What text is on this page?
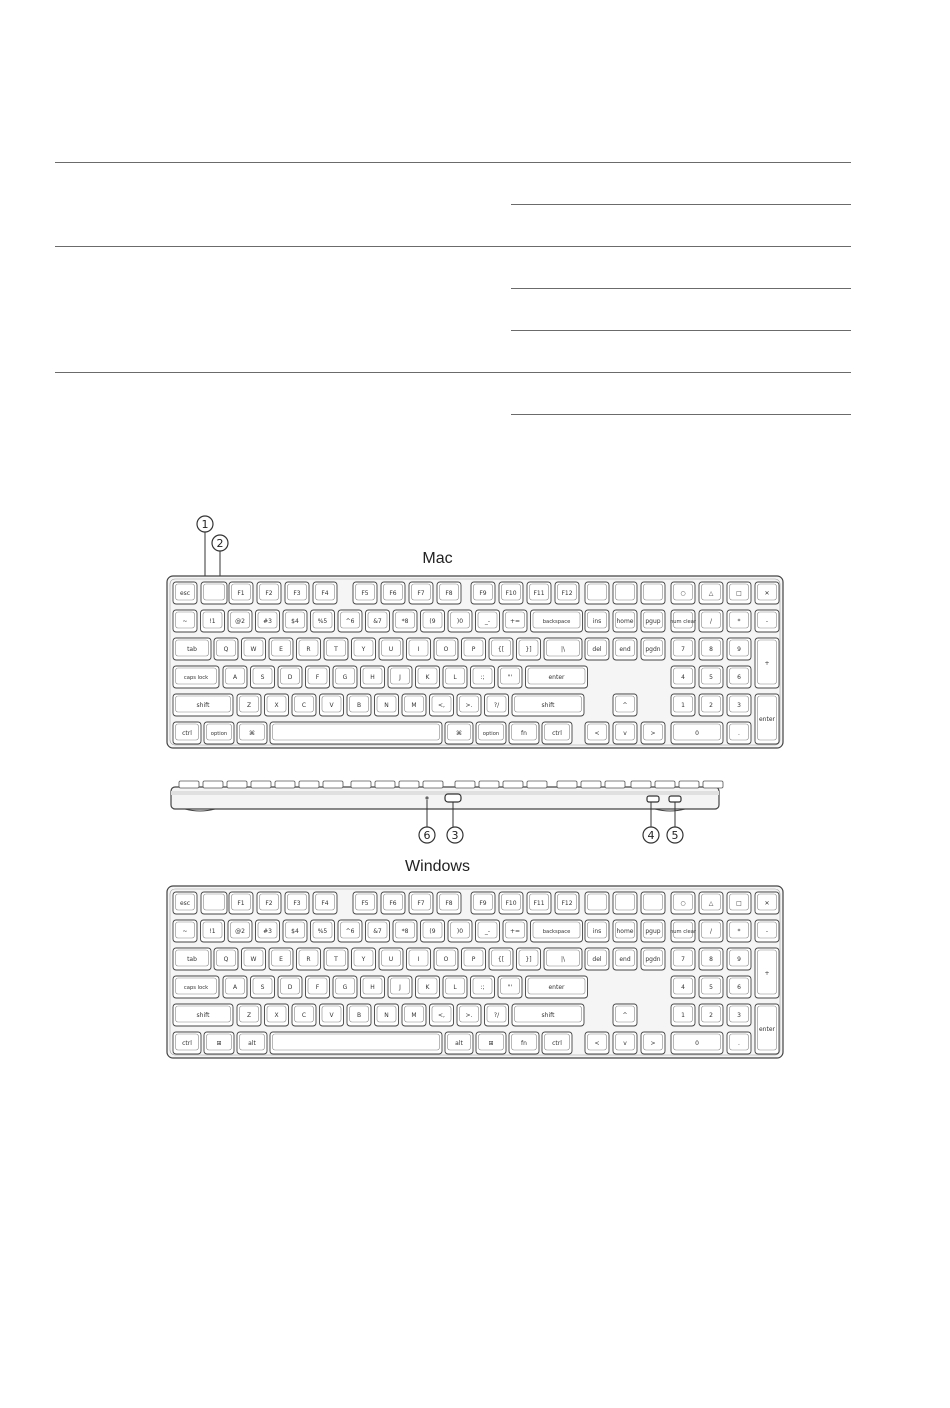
Mac
Windows
1
2
esc	F1	F2	F3	F4	F5	F6	F7	F8	F9	F10	F11	F12	○	△	□	✕
~	!1	@2	#3	$4	%5	^6	&7	*8	(9	)0	_-	+=	backspace	ins	home pgup num clear /	*	-
tab	Q	W	E	R	T	Y	U	I	O	P	{[	}]	|\	del	end pgdn	7	8	9
+
caps lock	A	S	D	F	G	H	J	K	L	:;	"'	enter	4	5	6
shift	Z	X	C	V	B	N	M	<,	>.	?/	shift	^	1	2	3
enter
ctrl	option	⌘	⌘	option	fn	ctrl	<	v	>	0	.
6 3	4 5
esc	F1	F2	F3	F4	F5	F6	F7	F8	F9	F10	F11	F12	○	△	□	✕
~	!1	@2	#3	$4	%5	^6	&7	*8	(9	)0	_-	+=	backspace	ins	home pgup num clear /	*	-
tab	Q	W	E	R	T	Y	U	I	O	P	{[	}]	|\	del	end pgdn	7	8	9
+
caps lock	A	S	D	F	G	H	J	K	L	:;	"'	enter	4	5	6
shift	Z	X	C	V	B	N	M	<,	>.	?/	shift	^	1	2	3
enter
ctrl	⊞	alt	alt	⊞	fn	ctrl	<	v	>	0	.
